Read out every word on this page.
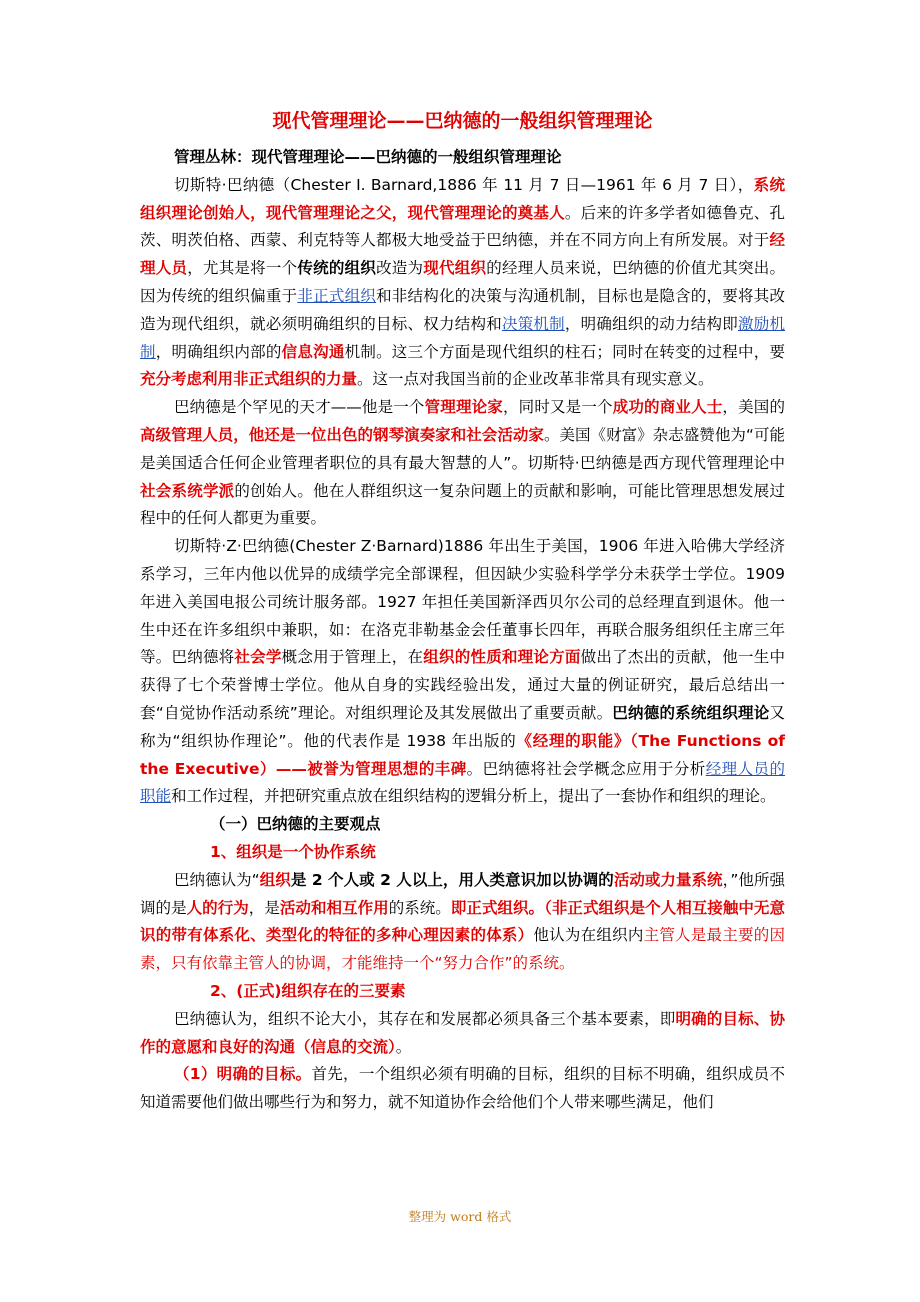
现代管理理论——巴纳德的一般组织管理理论

管理丛林：现代管理理论——巴纳德的一般组织管理理论

切斯特·巴纳德（Chester I. Barnard,1886 年 11 月 7 日—1961 年 6 月 7 日），系统组织理论创始人，现代管理理论之父，现代管理理论的奠基人。后来的许多学者如德鲁克、孔茨、明茨伯格、西蒙、利克特等人都极大地受益于巴纳德，并在不同方向上有所发展。对于经理人员，尤其是将一个传统的组织改造为现代组织的经理人员来说，巴纳德的价值尤其突出。因为传统的组织偏重于非正式组织和非结构化的决策与沟通机制，目标也是隐含的，要将其改造为现代组织，就必须明确组织的目标、权力结构和决策机制，明确组织的动力结构即激励机制，明确组织内部的信息沟通机制。这三个方面是现代组织的柱石；同时在转变的过程中，要充分考虑利用非正式组织的力量。这一点对我国当前的企业改革非常具有现实意义。

巴纳德是个罕见的天才——他是一个管理理论家，同时又是一个成功的商业人士，美国的高级管理人员，他还是一位出色的钢琴演奏家和社会活动家。美国《财富》杂志盛赞他为“可能是美国适合任何企业管理者职位的具有最大智慧的人”。切斯特·巴纳德是西方现代管理理论中社会系统学派的创始人。他在人群组织这一复杂问题上的贡献和影响，可能比管理思想发展过程中的任何人都更为重要。

切斯特·Z·巴纳德(Chester Z·Barnard)1886 年出生于美国，1906 年进入哈佛大学经济系学习，三年内他以优异的成绩学完全部课程，但因缺少实验科学学分未获学士学位。1909 年进入美国电报公司统计服务部。1927 年担任美国新泽西贝尔公司的总经理直到退休。他一生中还在许多组织中兼职，如：在洛克非勒基金会任董事长四年，再联合服务组织任主席三年等。巴纳德将社会学概念用于管理上，在组织的性质和理论方面做出了杰出的贡献，他一生中获得了七个荣誉博士学位。他从自身的实践经验出发，通过大量的例证研究，最后总结出一套“自觉协作活动系统”理论。对组织理论及其发展做出了重要贡献。巴纳德的系统组织理论又称为“组织协作理论”。他的代表作是 1938 年出版的《经理的职能》（The Functions of the Executive）——被誉为管理思想的丰碑。巴纳德将社会学概念应用于分析经理人员的职能和工作过程，并把研究重点放在组织结构的逻辑分析上，提出了一套协作和组织的理论。

（一）巴纳德的主要观点

1、组织是一个协作系统

巴纳德认为“组织是 2 个人或 2 人以上，用人类意识加以协调的活动或力量系统，”他所强调的是人的行为，是活动和相互作用的系统。即正式组织。（非正式组织是个人相互接触中无意识的带有体系化、类型化的特征的多种心理因素的体系）他认为在组织内主管人是最主要的因素，只有依靠主管人的协调，才能维持一个“努力合作”的系统。

2、(正式)组织存在的三要素

巴纳德认为，组织不论大小，其存在和发展都必须具备三个基本要素，即明确的目标、协作的意愿和良好的沟通（信息的交流）。

（1）明确的目标。首先，一个组织必须有明确的目标，组织的目标不明确，组织成员不知道需要他们做出哪些行为和努力，就不知道协作会给他们个人带来哪些满足，他们

整理为 word 格式
